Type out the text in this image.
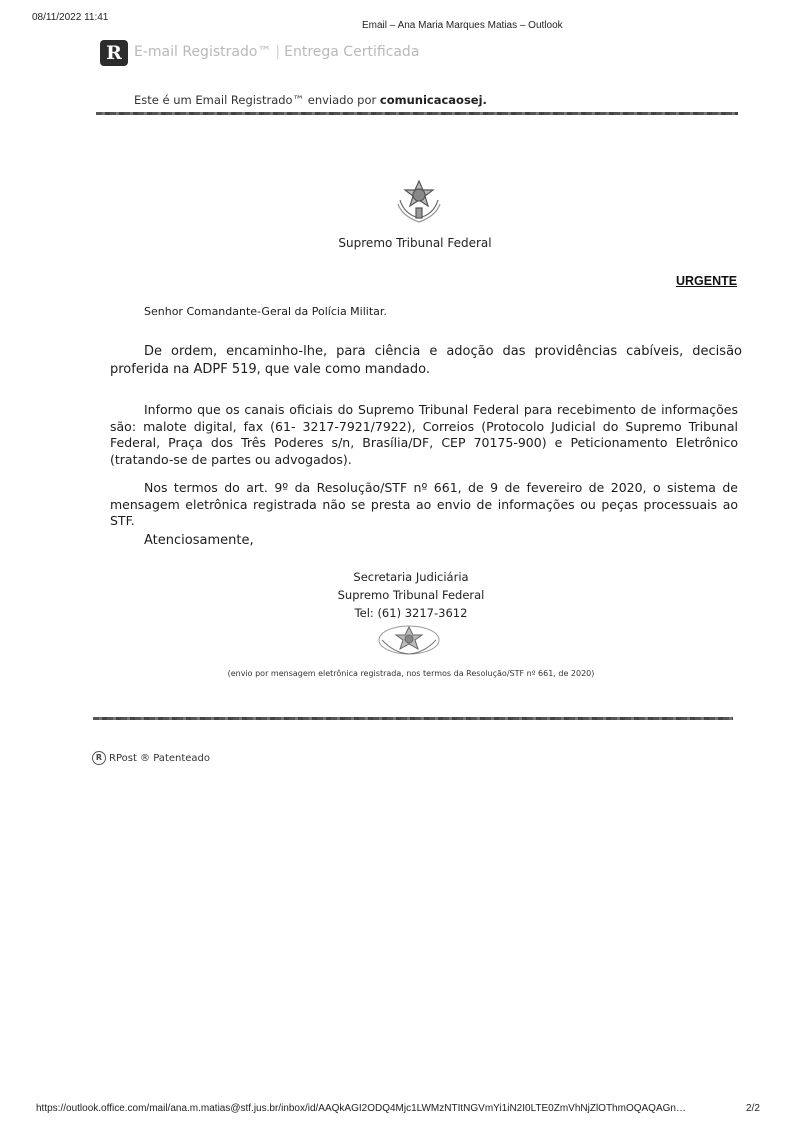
08/11/2022 11:41
Email – Ana Maria Marques Matias – Outlook
R E-mail Registrado™ | Entrega Certificada
Este é um Email Registrado™ enviado por comunicacaosej.
Supremo Tribunal Federal
URGENTE
Senhor Comandante-Geral da Polícia Militar.
De ordem, encaminho-lhe, para ciência e adoção das providências cabíveis, decisão proferida na ADPF 519, que vale como mandado.
Informo que os canais oficiais do Supremo Tribunal Federal para recebimento de informações são: malote digital, fax (61- 3217-7921/7922), Correios (Protocolo Judicial do Supremo Tribunal Federal, Praça dos Três Poderes s/n, Brasília/DF, CEP 70175-900) e Peticionamento Eletrônico (tratando-se de partes ou advogados).
Nos termos do art. 9º da Resolução/STF nº 661, de 9 de fevereiro de 2020, o sistema de mensagem eletrônica registrada não se presta ao envio de informações ou peças processuais ao STF.
Atenciosamente,
Secretaria Judiciária
Supremo Tribunal Federal
Tel: (61) 3217-3612
(envio por mensagem eletrônica registrada, nos termos da Resolução/STF nº 661, de 2020)
R RPost ® Patenteado
https://outlook.office.com/mail/ana.m.matias@stf.jus.br/inbox/id/AAQkAGI2ODQ4Mjc1LWMzNTItNGVmYi1iN2I0LTE0ZmVhNjZlOThmOQAQAGn…	2/2
